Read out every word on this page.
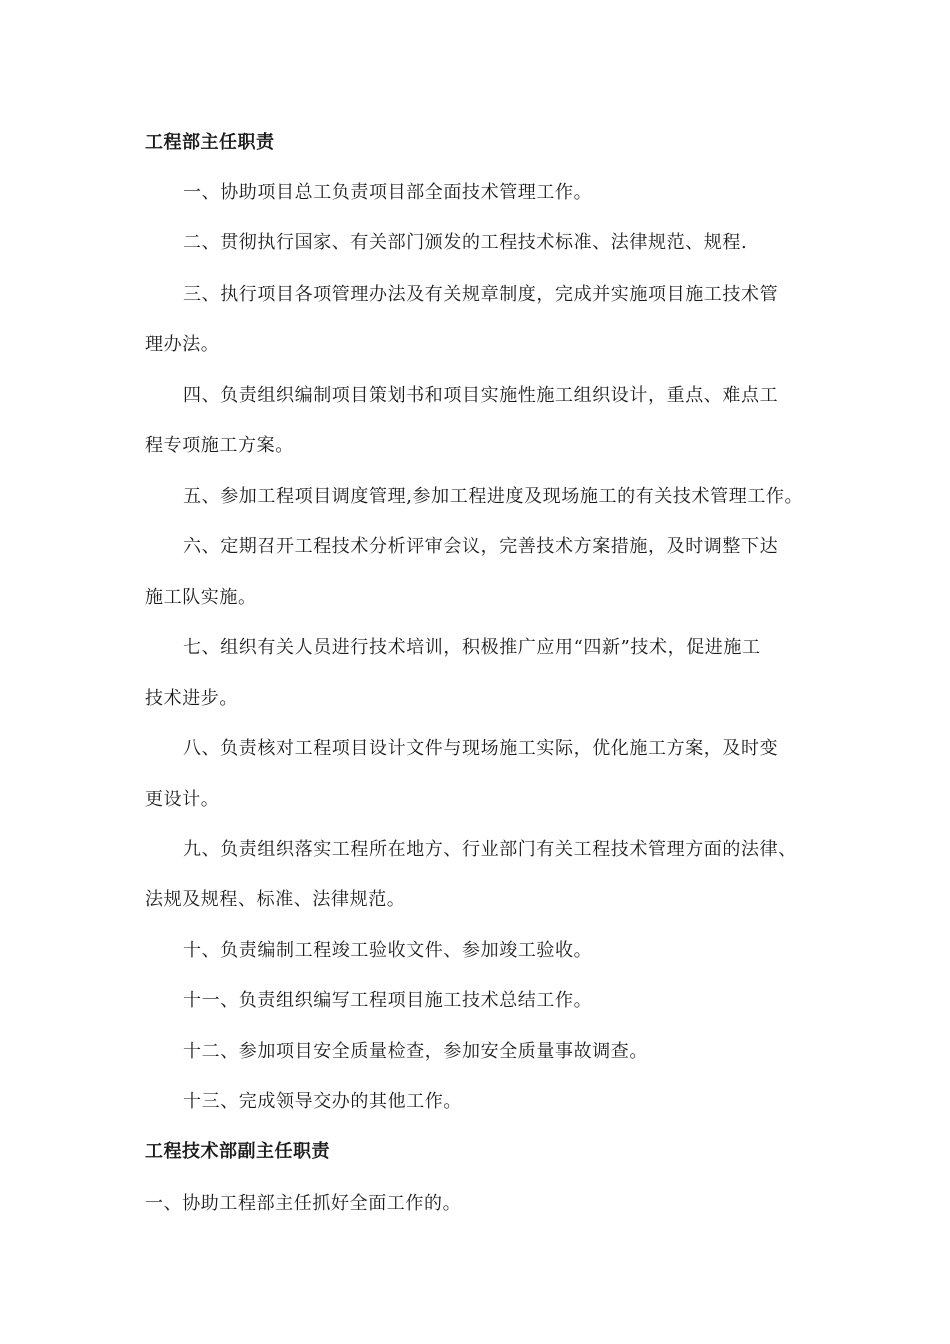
工程部主任职责
一、协助项目总工负责项目部全面技术管理工作。
二、贯彻执行国家、有关部门颁发的工程技术标准、法律规范、规程.
三、执行项目各项管理办法及有关规章制度，完成并实施项目施工技术管
理办法。
四、负责组织编制项目策划书和项目实施性施工组织设计，重点、难点工
程专项施工方案。
五、参加工程项目调度管理,参加工程进度及现场施工的有关技术管理工作。
六、定期召开工程技术分析评审会议，完善技术方案措施，及时调整下达
施工队实施。
七、组织有关人员进行技术培训，积极推广应用“四新”技术，促进施工
技术进步。
八、负责核对工程项目设计文件与现场施工实际，优化施工方案，及时变
更设计。
九、负责组织落实工程所在地方、行业部门有关工程技术管理方面的法律、
法规及规程、标准、法律规范。
十、负责编制工程竣工验收文件、参加竣工验收。
十一、负责组织编写工程项目施工技术总结工作。
十二、参加项目安全质量检查，参加安全质量事故调查。
十三、完成领导交办的其他工作。
工程技术部副主任职责
一、协助工程部主任抓好全面工作的。
